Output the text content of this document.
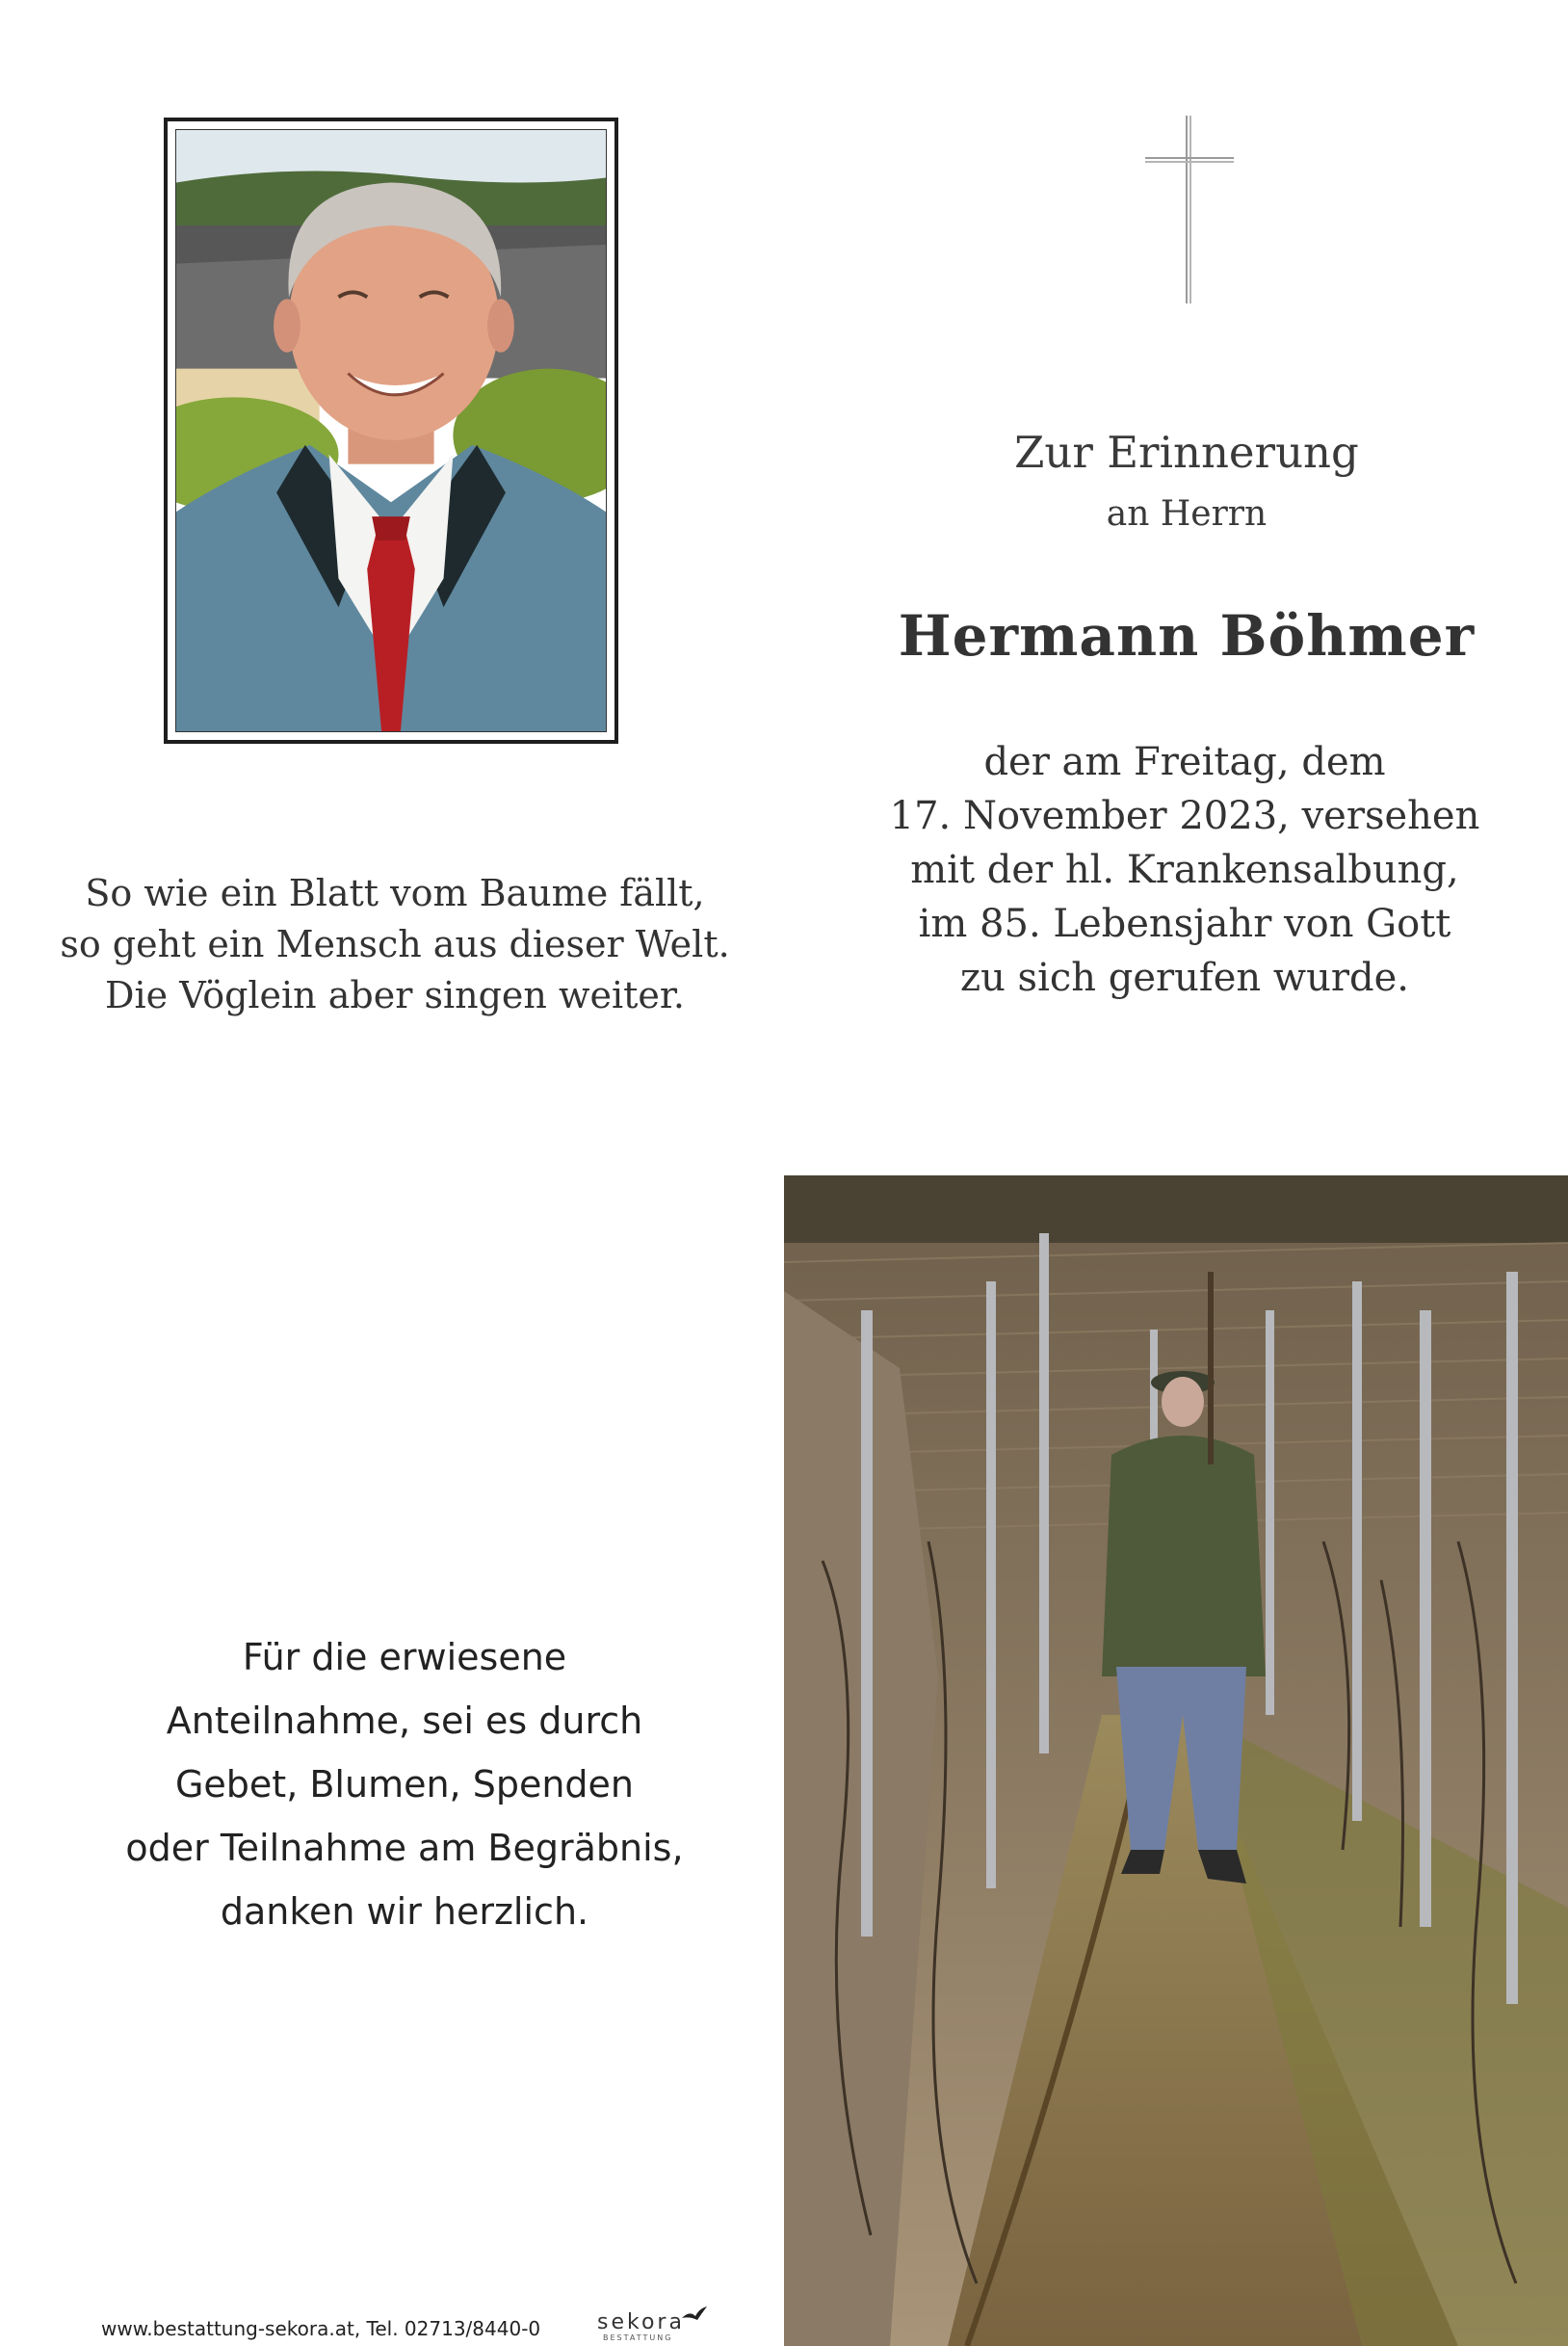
Zur Erinnerung
an Herrn
Hermann Böhmer
der am Freitag, dem
17. November 2023, versehen
mit der hl. Krankensalbung,
im 85. Lebensjahr von Gott
zu sich gerufen wurde.
So wie ein Blatt vom Baume fällt,
so geht ein Mensch aus dieser Welt.
Die Vöglein aber singen weiter.
Für die erwiesene
Anteilnahme, sei es durch
Gebet, Blumen, Spenden
oder Teilnahme am Begräbnis,
danken wir herzlich.
www.bestattung-sekora.at, Tel. 02713/8440-0	sekora
BESTATTUNG
